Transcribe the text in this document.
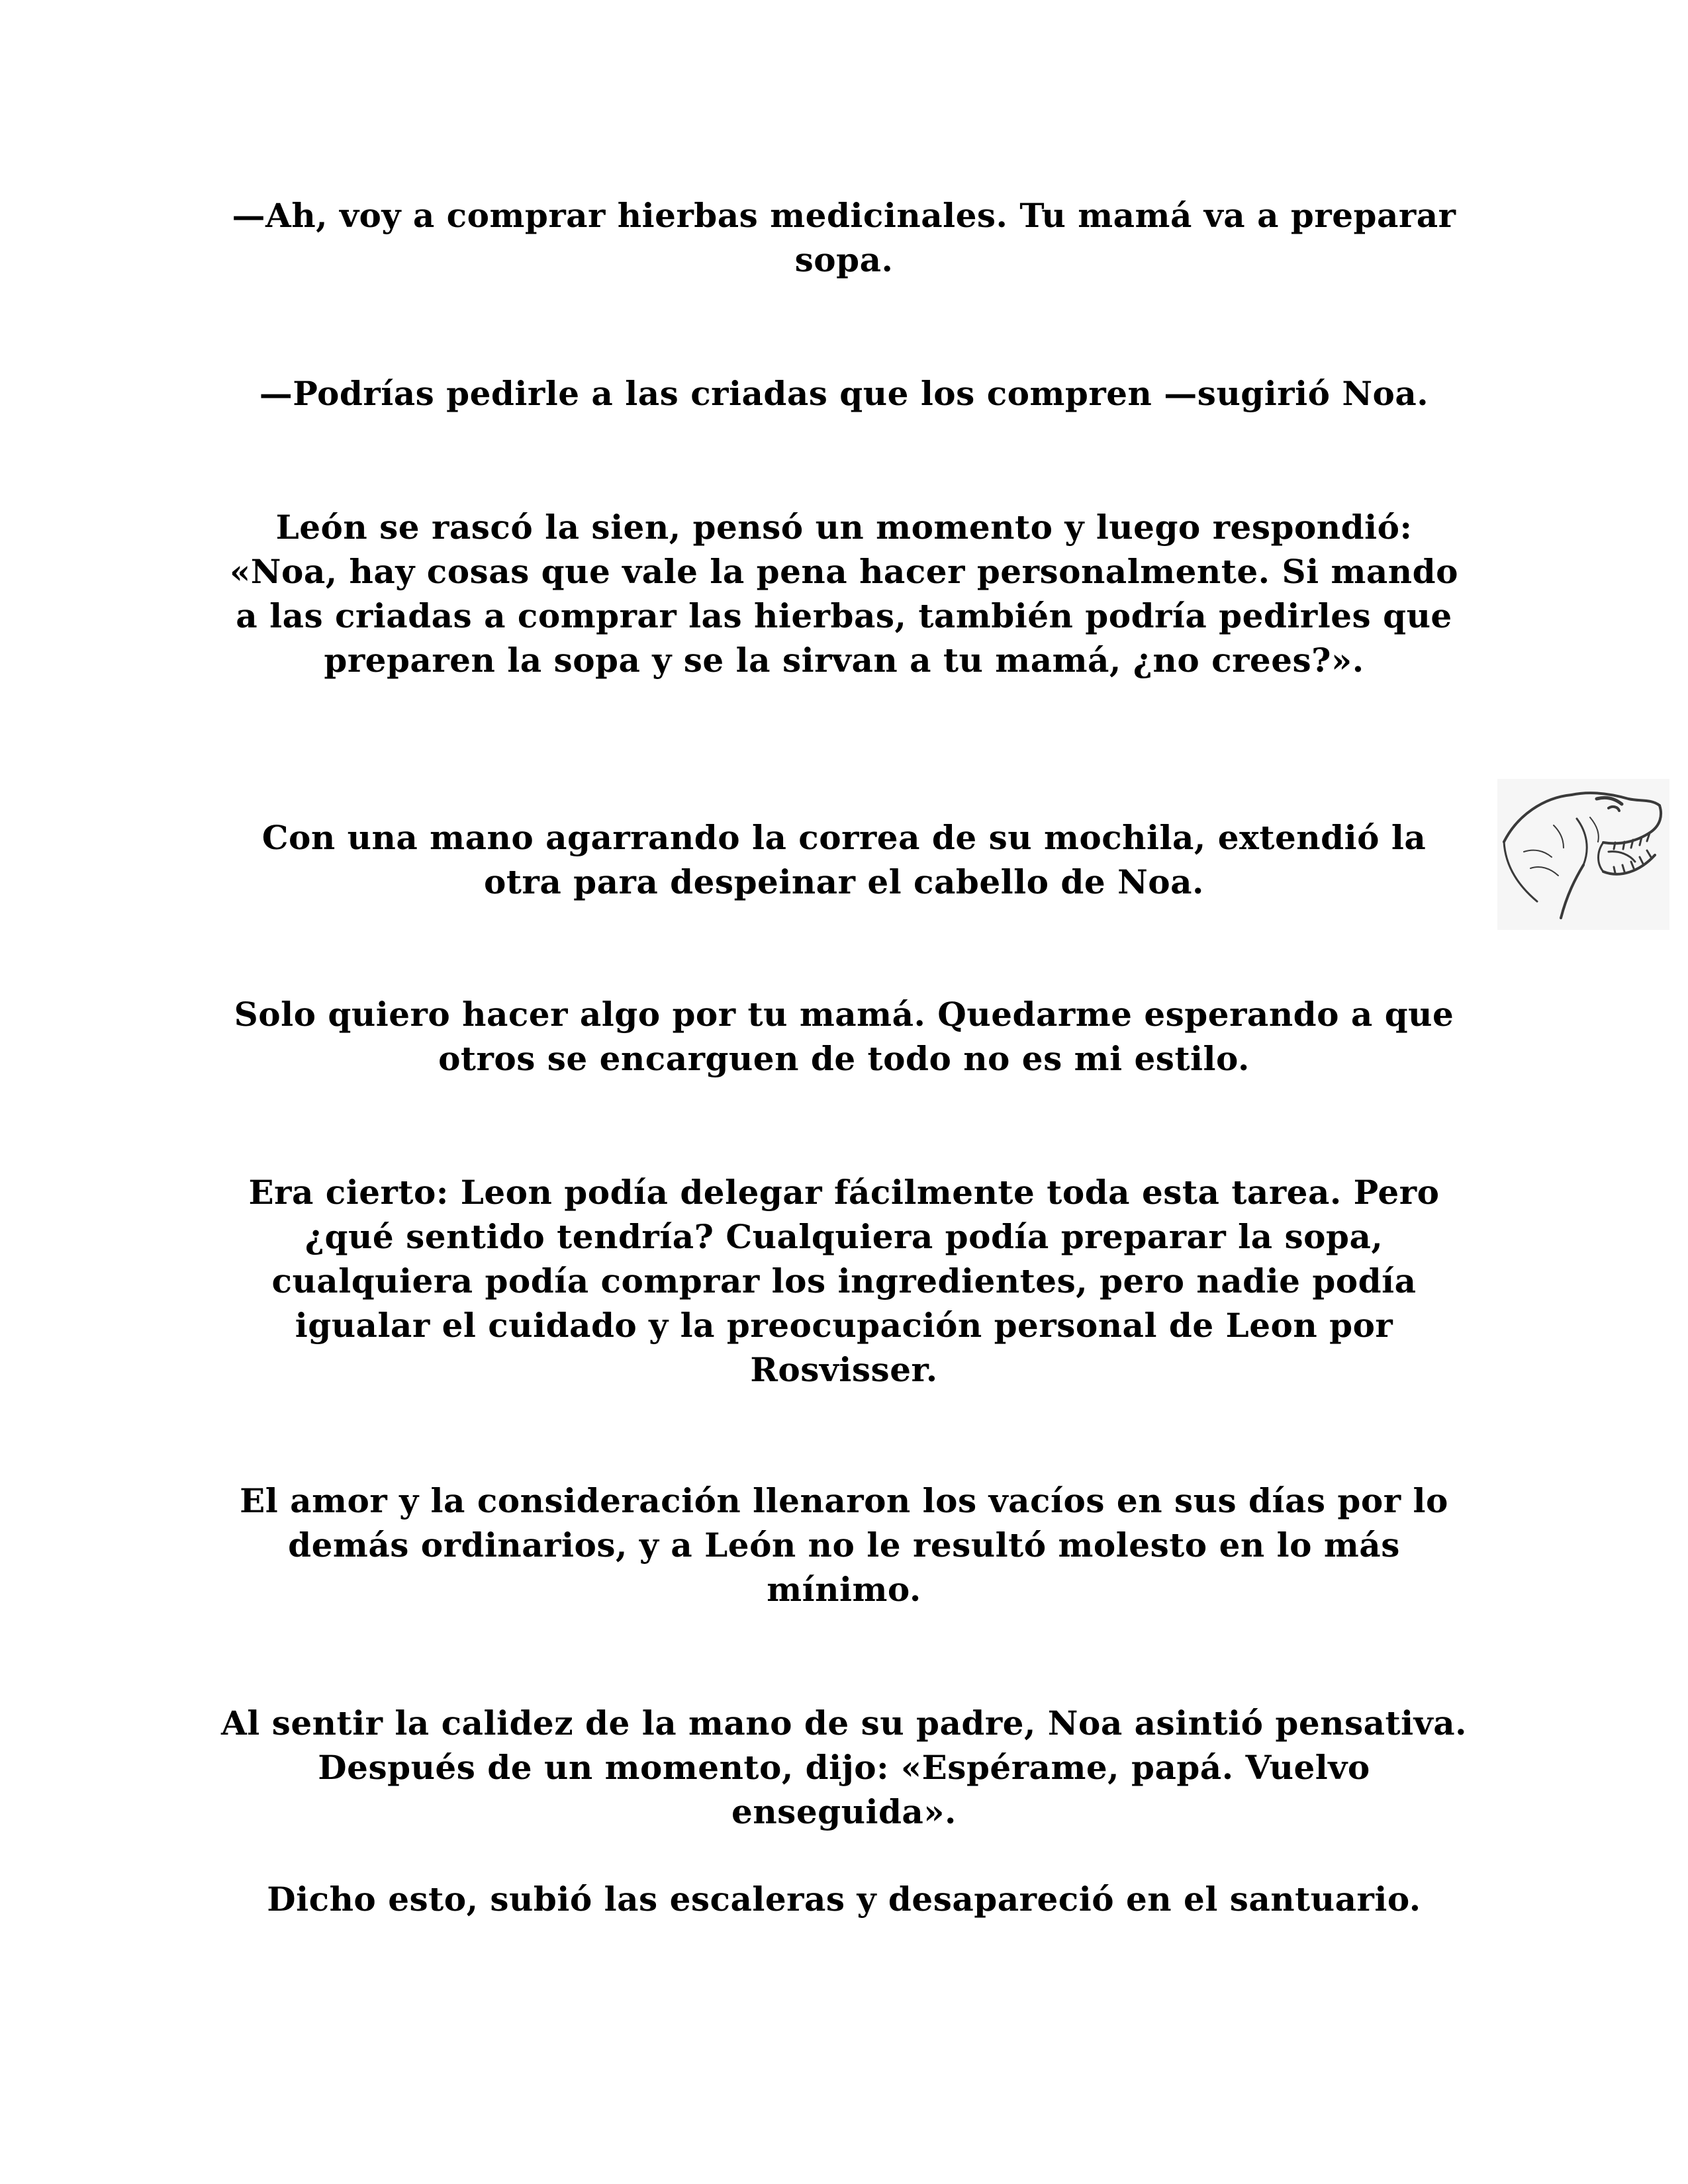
—Ah, voy a comprar hierbas medicinales. Tu mamá va a preparar sopa.

—Podrías pedirle a las criadas que los compren —sugirió Noa.

León se rascó la sien, pensó un momento y luego respondió: «Noa, hay cosas que vale la pena hacer personalmente. Si mando a las criadas a comprar las hierbas, también podría pedirles que preparen la sopa y se la sirvan a tu mamá, ¿no crees?».

Con una mano agarrando la correa de su mochila, extendió la otra para despeinar el cabello de Noa.

Solo quiero hacer algo por tu mamá. Quedarme esperando a que otros se encarguen de todo no es mi estilo.

Era cierto: Leon podía delegar fácilmente toda esta tarea. Pero ¿qué sentido tendría? Cualquiera podía preparar la sopa, cualquiera podía comprar los ingredientes, pero nadie podía igualar el cuidado y la preocupación personal de Leon por Rosvisser.

El amor y la consideración llenaron los vacíos en sus días por lo demás ordinarios, y a León no le resultó molesto en lo más mínimo.

Al sentir la calidez de la mano de su padre, Noa asintió pensativa. Después de un momento, dijo: «Espérame, papá. Vuelvo enseguida».

Dicho esto, subió las escaleras y desapareció en el santuario.
